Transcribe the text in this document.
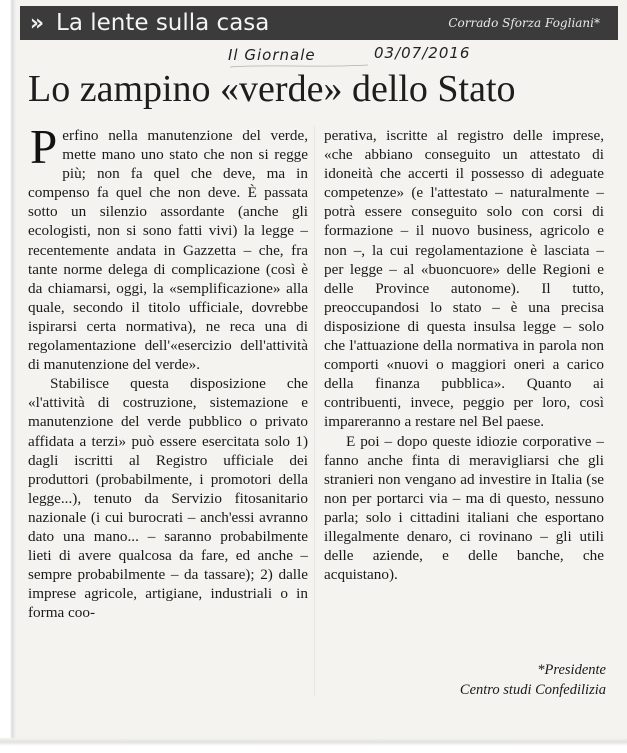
» La lente sulla casa	Corrado Sforza Fogliani*
Il Giornale	03/07/2016
Lo zampino «verde» dello Stato

Perfino nella manutenzione del verde, mette mano uno stato che non si regge più; non fa quel che deve, ma in compenso fa quel che non deve. È passata sotto un silenzio assordante (anche gli ecologisti, non si sono fatti vivi) la legge – recentemente andata in Gazzetta – che, fra tante norme delega di complicazione (così è da chiamarsi, oggi, la «semplificazione» alla quale, secondo il titolo ufficiale, dovrebbe ispirarsi certa normativa), ne reca una di regolamentazione dell'«esercizio dell'attività di manutenzione del verde».

Stabilisce questa disposizione che «l'attività di costruzione, sistemazione e manutenzione del verde pubblico o privato affidata a terzi» può essere esercitata solo 1) dagli iscritti al Registro ufficiale dei produttori (probabilmente, i promotori della legge...), tenuto da Servizio fitosanitario nazionale (i cui burocrati – anch'essi avranno dato una mano... – saranno probabilmente lieti di avere qualcosa da fare, ed anche – sempre probabilmente – da tassare); 2) dalle imprese agricole, artigiane, industriali o in forma coo-

perativa, iscritte al registro delle imprese, «che abbiano conseguito un attestato di idoneità che accerti il possesso di adeguate competenze» (e l'attestato – naturalmente – potrà essere conseguito solo con corsi di formazione – il nuovo business, agricolo e non –, la cui regolamentazione è lasciata – per legge – al «buoncuore» delle Regioni e delle Province autonome). Il tutto, preoccupandosi lo stato – è una precisa disposizione di questa insulsa legge – solo che l'attuazione della normativa in parola non comporti «nuovi o maggiori oneri a carico della finanza pubblica». Quanto ai contribuenti, invece, peggio per loro, così impareranno a restare nel Bel paese.

E poi – dopo queste idiozie corporative – fanno anche finta di meravigliarsi che gli stranieri non vengano ad investire in Italia (se non per portarci via – ma di questo, nessuno parla; solo i cittadini italiani che esportano illegalmente denaro, ci rovinano – gli utili delle aziende, e delle banche, che acquistano).

*Presidente
Centro studi Confedilizia
